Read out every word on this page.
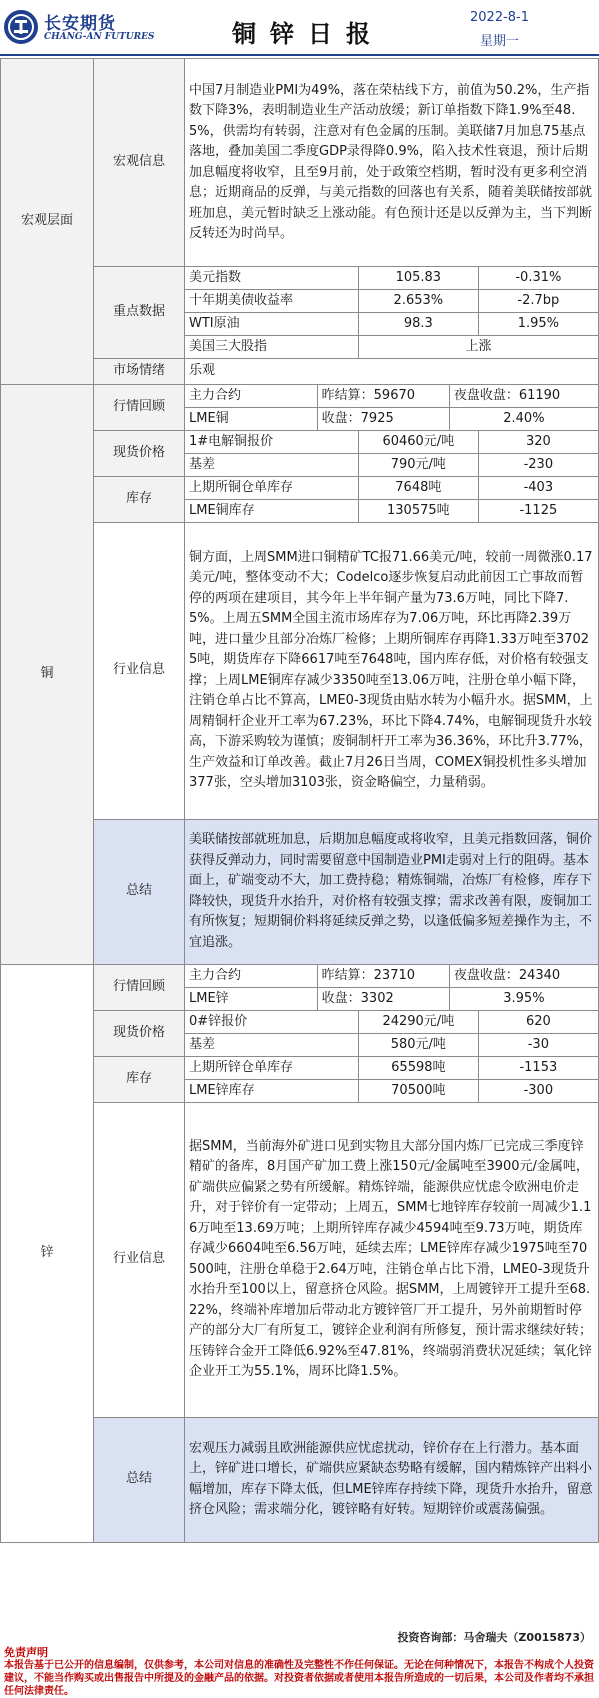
长安期货
CHANG-AN FUTURES	铜锌日报
2022-8-1
星期一
宏观层面	宏观信息	中国7月制造业PMI为49%，落在荣枯线下方，前值为50.2%，生产指数下降3%，表明制造业生产活动放缓；新订单指数下降1.9%至48.5%，供需均有转弱，注意对有色金属的压制。美联储7月加息75基点落地，叠加美国二季度GDP录得降0.9%，陷入技术性衰退，预计后期加息幅度将收窄，且至9月前，处于政策空档期，暂时没有更多利空消息；近期商品的反弹，与美元指数的回落也有关系，随着美联储按部就班加息，美元暂时缺乏上涨动能。有色预计还是以反弹为主，当下判断反转还为时尚早。
重点数据	
美元指数	105.83	-0.31%
十年期美债收益率	2.653%	-2.7bp
WTI原油	98.3	1.95%
美国三大股指	上涨

市场情绪	乐观
铜	行情回顾	
主力合约	昨结算：59670	夜盘收盘：61190
LME铜	收盘：7925	2.40%

现货价格	
1#电解铜报价	60460元/吨	320
基差	790元/吨	-230

库存	
上期所铜仓单库存	7648吨	-403
LME铜库存	130575吨	-1125

行业信息	铜方面，上周SMM进口铜精矿TC报71.66美元/吨，较前一周微涨0.17美元/吨，整体变动不大；Codelco逐步恢复启动此前因工亡事故而暂停的两项在建项目，其今年上半年铜产量为73.6万吨，同比下降7.5%。上周五SMM全国主流市场库存为7.06万吨，环比再降2.39万吨，进口量少且部分冶炼厂检修；上期所铜库存再降1.33万吨至37025吨，期货库存下降6617吨至7648吨，国内库存低，对价格有较强支撑；上周LME铜库存减少3350吨至13.06万吨，注册仓单小幅下降，注销仓单占比不算高，LME0-3现货由贴水转为小幅升水。据SMM，上周精铜杆企业开工率为67.23%，环比下降4.74%，电解铜现货升水较高，下游采购较为谨慎；废铜制杆开工率为36.36%，环比升3.77%，生产效益和订单改善。截止7月26日当周，COMEX铜投机性多头增加377张，空头增加3103张，资金略偏空，力量稍弱。
总结	美联储按部就班加息，后期加息幅度或将收窄，且美元指数回落，铜价获得反弹动力，同时需要留意中国制造业PMI走弱对上行的阻碍。基本面上，矿端变动不大，加工费持稳；精炼铜端，冶炼厂有检修，库存下降较快，现货升水抬升，对价格有较强支撑；需求改善有限，废铜加工有所恢复；短期铜价料将延续反弹之势，以逢低偏多短差操作为主，不宜追涨。
锌	行情回顾	
主力合约	昨结算：23710	夜盘收盘：24340
LME锌	收盘：3302	3.95%

现货价格	
0#锌报价	24290元/吨	620
基差	580元/吨	-30

库存	
上期所锌仓单库存	65598吨	-1153
LME锌库存	70500吨	-300

行业信息	据SMM，当前海外矿进口见到实物且大部分国内炼厂已完成三季度锌精矿的备库，8月国产矿加工费上涨150元/金属吨至3900元/金属吨，矿端供应偏紧之势有所缓解。精炼锌端，能源供应忧虑令欧洲电价走升，对于锌价有一定带动；上周五，SMM七地锌库存较前一周减少1.16万吨至13.69万吨；上期所锌库存减少4594吨至9.73万吨，期货库存减少6604吨至6.56万吨，延续去库；LME锌库存减少1975吨至70500吨，注册仓单稳于2.64万吨，注销仓单占比下滑，LME0-3现货升水抬升至100以上，留意挤仓风险。据SMM，上周镀锌开工提升至68.22%，终端补库增加后带动北方镀锌管厂开工提升，另外前期暂时停产的部分大厂有所复工，镀锌企业利润有所修复，预计需求继续好转；压铸锌合金开工降低6.92%至47.81%，终端弱消费状况延续；氧化锌企业开工为55.1%，周环比降1.5%。
总结	宏观压力减弱且欧洲能源供应忧虑扰动，锌价存在上行潜力。基本面上，锌矿进口增长，矿端供应紧缺态势略有缓解，国内精炼锌产出料小幅增加，库存下降太低，但LME锌库存持续下降，现货升水抬升，留意挤仓风险；需求端分化，镀锌略有好转。短期锌价或震荡偏强。
投资咨询部：马舍瑞夫（Z0015873）
免责声明
本报告基于已公开的信息编制，仅供参考，本公司对信息的准确性及完整性不作任何保证。无论在何种情况下，本报告不构成个人投资建议，不能当作购买或出售报告中所提及的金融产品的依据。对投资者依据或者使用本报告所造成的一切后果，本公司及作者均不承担任何法律责任。
